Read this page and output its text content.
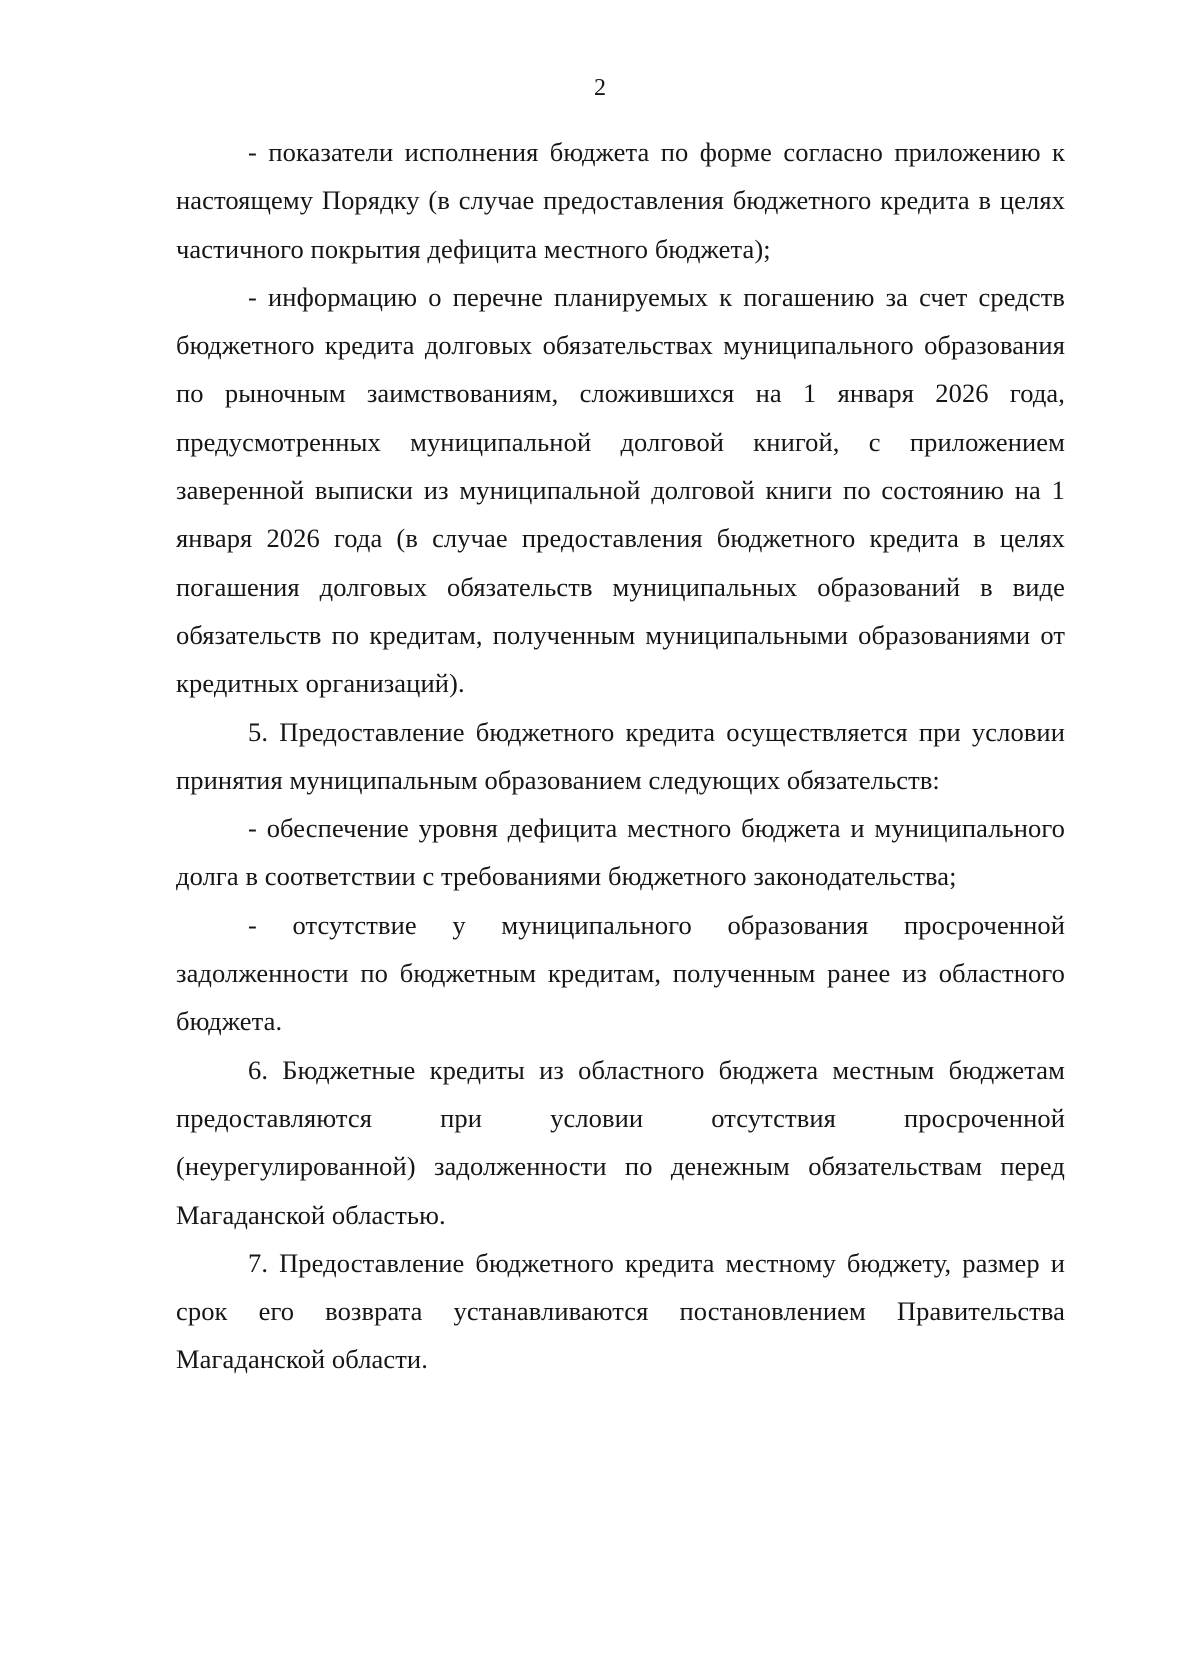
2

- показатели исполнения бюджета по форме согласно приложению к настоящему Порядку (в случае предоставления бюджетного кредита в целях частичного покрытия дефицита местного бюджета);

- информацию о перечне планируемых к погашению за счет средств бюджетного кредита долговых обязательствах муниципального образования по рыночным заимствованиям, сложившихся на 1 января 2026 года, предусмотренных муниципальной долговой книгой, с приложением заверенной выписки из муниципальной долговой книги по состоянию на 1 января 2026 года (в случае предоставления бюджетного кредита в целях погашения долговых обязательств муниципальных образований в виде обязательств по кредитам, полученным муниципальными образованиями от кредитных организаций).

5. Предоставление бюджетного кредита осуществляется при условии принятия муниципальным образованием следующих обязательств:

- обеспечение уровня дефицита местного бюджета и муниципального долга в соответствии с требованиями бюджетного законодательства;

- отсутствие у муниципального образования просроченной задолженности по бюджетным кредитам, полученным ранее из областного бюджета.

6. Бюджетные кредиты из областного бюджета местным бюджетам предоставляются при условии отсутствия просроченной (неурегулированной) задолженности по денежным обязательствам перед Магаданской областью.

7. Предоставление бюджетного кредита местному бюджету, размер и срок его возврата устанавливаются постановлением Правительства Магаданской области.
